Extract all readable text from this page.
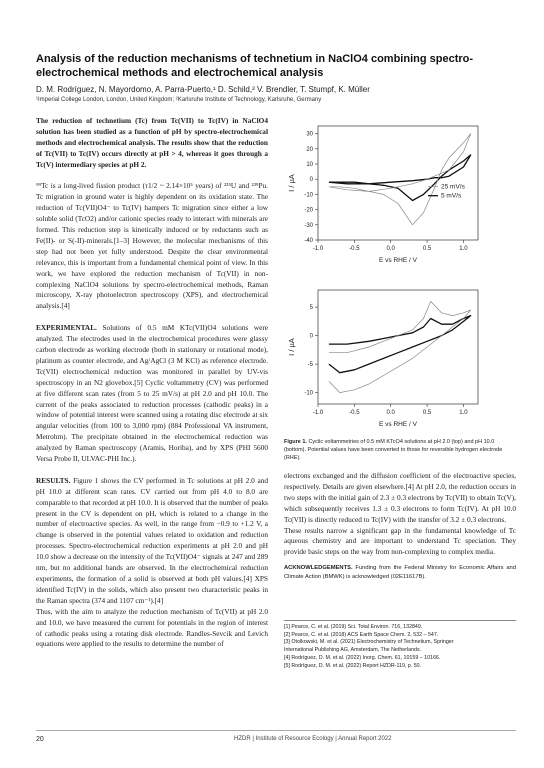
Analysis of the reduction mechanisms of technetium in NaClO4 combining spectro-electrochemical methods and electrochemical analysis
D. M. Rodríguez, N. Mayordomo, A. Parra-Puerto,¹ D. Schild,² V. Brendler, T. Stumpf, K. Müller
¹Imperial College London, London, United Kingdom; ²Karlsruhe Institute of Technology, Karlsruhe, Germany

The reduction of technetium (Tc) from Tc(VII) to Tc(IV) in NaClO4 solution has been studied as a function of pH by spectro-electrochemical methods and electrochemical analysis. The results show that the reduction of Tc(VII) to Tc(IV) occurs directly at pH > 4, whereas it goes through a Tc(V) intermediary species at pH 2.

⁹⁹Tc is a long-lived fission product (τ1/2 ~ 2.14×10⁵ years) of ²³⁵U and ²³⁹Pu. Tc migration in ground water is highly dependent on its oxidation state. The reduction of Tc(VII)O4⁻ to Tc(IV) hampers Tc migration since either a low soluble solid (TcO2) and/or cationic species ready to interact with minerals are formed. This reduction step is kinetically induced or by reductants such as Fe(II)- or S(-II)-minerals.[1–3] However, the molecular mechanisms of this step had not been yet fully understood. Despite the clear environmental relevance, this is important from a fundamental chemical point of view. In this work, we have explored the reduction mechanism of Tc(VII) in non-complexing NaClO4 solutions by spectro-electrochemical methods, Raman microscopy, X-ray photoelectron spectroscopy (XPS), and electrochemical analysis.[4]

EXPERIMENTAL. Solutions of 0.5 mM KTc(VII)O4 solutions were analyzed. The electrodes used in the electrochemical procedures were glassy carbon electrode as working electrode (both in stationary or rotational mode), platinum as counter electrode, and Ag/AgCl (3 M KCl) as reference electrode. Tc(VII) electrochemical reduction was monitored in parallel by UV-vis spectroscopy in an N2 glovebox.[5] Cyclic voltammetry (CV) was performed at five different scan rates (from 5 to 25 mV/s) at pH 2.0 and pH 10.0. The current of the peaks associated to reduction processes (cathodic peaks) in a window of potential interest were scanned using a rotating disc electrode at six angular velocities (from 100 to 3,000 rpm) (884 Professional VA instrument, Metrohm). The precipitate obtained in the electrochemical reduction was analyzed by Raman spectroscopy (Aramis, Horiba), and by XPS (PHI 5600 Versa Probe II, ULVAC-PHI Inc.).

RESULTS. Figure 1 shows the CV performed in Tc solutions at pH 2.0 and pH 10.0 at different scan rates. CV carried out from pH 4.0 to 8.0 are comparable to that recorded at pH 10.0. It is observed that the number of peaks present in the CV is dependent on pH, which is related to a change in the number of electroactive species. As well, in the range from −0.9 to +1.2 V, a change is observed in the potential values related to oxidation and reduction processes. Spectro-electrochemical reduction experiments at pH 2.0 and pH 10.0 show a decrease on the intensity of the Tc(VII)O4⁻ signals at 247 and 289 nm, but no additional bands are observed. In the electrochemical reduction experiments, the formation of a solid is observed at both pH values.[4] XPS identified Tc(IV) in the solids, which also present two characteristic peaks in the Raman spectra (374 and 1107 cm⁻¹).[4]

Thus, with the aim to analyze the reduction mechanism of Tc(VII) at pH 2.0 and 10.0, we have measured the current for potentials in the region of interest of cathodic peaks using a rotating disk electrode. Randles-Sevcik and Levich equations were applied to the results to determine the number of

-1.0	-0.5	0.0	0.5	1.0
-40
-30
-20
-10
0
10
20
30
E vs RHE / V
I / µA
5 mV/s
25 mV/s
-1.0	-0.5	0.0	0.5	1.0
-10
-5
0
5
E vs RHE / V
I / µA
Figure 1. Cyclic voltammetries of 0.5 mM KTcO4 solutions at pH 2.0 (top) and pH 10.0 (bottom). Potential values have been converted to those for reversible hydrogen electrode (RHE).

electrons exchanged and the diffusion coefficient of the electroactive species, respectively. Details are given elsewhere.[4] At pH 2.0, the reduction occurs in two steps with the initial gain of 2.3 ± 0.3 electrons by Tc(VII) to obtain Tc(V), which subsequently receives 1.3 ± 0.3 electrons to form Tc(IV). At pH 10.0 Tc(VII) is directly reduced to Tc(IV) with the transfer of 3.2 ± 0.3 electrons.

These results narrow a significant gap in the fundamental knowledge of Tc aqueous chemistry and are important to understand Tc speciation. They provide basic steps on the way from non-complexing to complex media.

ACKNOWLEDGEMENTS. Funding from the Federal Ministry for Economic Affairs and Climate Action (BMWK) is acknowledged (02E11617B).
[1] Pearce, C. et al. (2019) Sci. Total Environ. 716, 132849.
[2] Pearce, C. et al. (2018) ACS Earth Space Chem. 2, 532 – 547.
[3] Otolkowski, M. et al. (2021) Electrochemistry of Technetium, Springer
International Publishing AG, Amsterdam, The Netherlands.
[4] Rodríguez, D. M. et al. (2022) Inorg. Chem. 61, 10159 – 10166.
[5] Rodríguez, D. M. et al. (2022) Report HZDR-119, p. 50.
20	HZDR | Institute of Resource Ecology | Annual Report 2022
